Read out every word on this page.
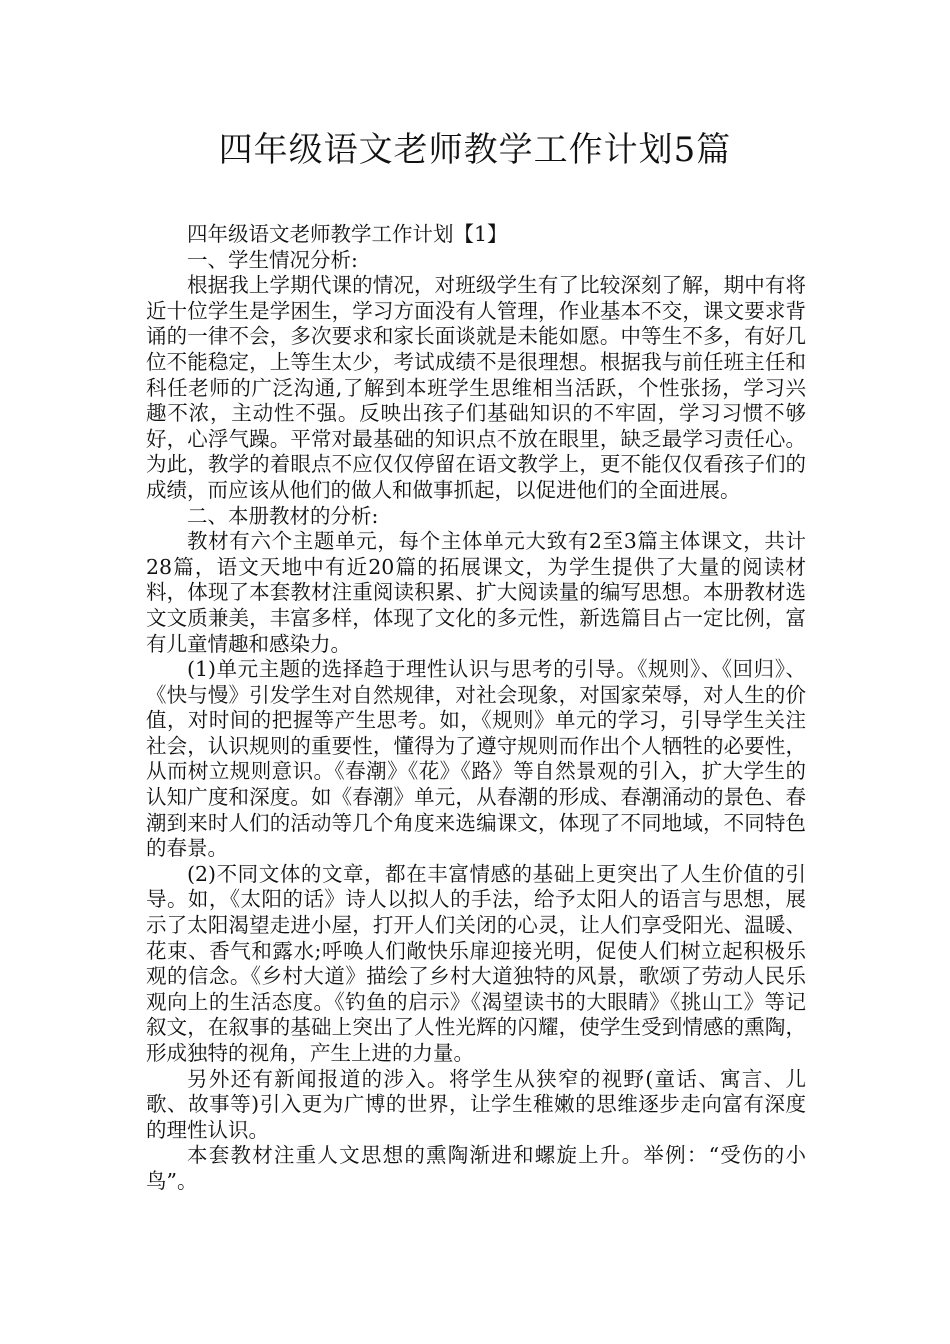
四年级语文老师教学工作计划5篇

四年级语文老师教学工作计划【1】

一、学生情况分析:

根据我上学期代课的情况，对班级学生有了比较深刻了解，期中有将近十位学生是学困生，学习方面没有人管理，作业基本不交，课文要求背诵的一律不会，多次要求和家长面谈就是未能如愿。中等生不多，有好几位不能稳定，上等生太少，考试成绩不是很理想。根据我与前任班主任和科任老师的广泛沟通,了解到本班学生思维相当活跃，个性张扬，学习兴趣不浓，主动性不强。反映出孩子们基础知识的不牢固，学习习惯不够好，心浮气躁。平常对最基础的知识点不放在眼里，缺乏最学习责任心。为此，教学的着眼点不应仅仅停留在语文教学上，更不能仅仅看孩子们的成绩，而应该从他们的做人和做事抓起，以促进他们的全面进展。

二、本册教材的分析:

教材有六个主题单元，每个主体单元大致有2至3篇主体课文，共计28篇，语文天地中有近20篇的拓展课文，为学生提供了大量的阅读材料，体现了本套教材注重阅读积累、扩大阅读量的编写思想。本册教材选文文质兼美，丰富多样，体现了文化的多元性，新选篇目占一定比例，富有儿童情趣和感染力。

(1)单元主题的选择趋于理性认识与思考的引导。《规则》、《回归》、《快与慢》引发学生对自然规律，对社会现象，对国家荣辱，对人生的价值，对时间的把握等产生思考。如，《规则》单元的学习，引导学生关注社会，认识规则的重要性，懂得为了遵守规则而作出个人牺牲的必要性，从而树立规则意识。《春潮》《花》《路》等自然景观的引入，扩大学生的认知广度和深度。如《春潮》单元，从春潮的形成、春潮涌动的景色、春潮到来时人们的活动等几个角度来选编课文，体现了不同地域，不同特色的春景。

(2)不同文体的文章，都在丰富情感的基础上更突出了人生价值的引导。如，《太阳的话》诗人以拟人的手法，给予太阳人的语言与思想，展示了太阳渴望走进小屋，打开人们关闭的心灵，让人们享受阳光、温暖、花束、香气和露水;呼唤人们敞快乐扉迎接光明，促使人们树立起积极乐观的信念。《乡村大道》描绘了乡村大道独特的风景，歌颂了劳动人民乐观向上的生活态度。《钓鱼的启示》《渴望读书的大眼睛》《挑山工》等记叙文，在叙事的基础上突出了人性光辉的闪耀，使学生受到情感的熏陶，形成独特的视角，产生上进的力量。

另外还有新闻报道的涉入。将学生从狭窄的视野(童话、寓言、儿歌、故事等)引入更为广博的世界，让学生稚嫩的思维逐步走向富有深度的理性认识。

本套教材注重人文思想的熏陶渐进和螺旋上升。举例：“受伤的小鸟”。
